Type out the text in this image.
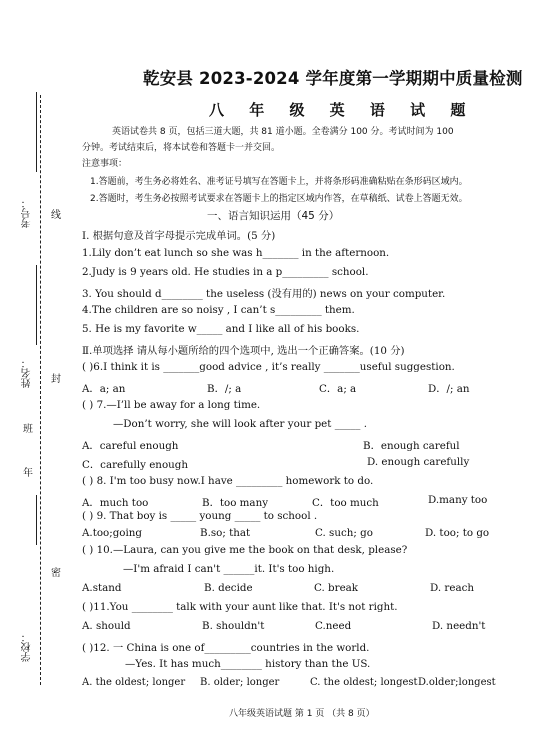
考号： 线
姓名： 封
班
年
密
学校：
乾安县 2023-2024 学年度第一学期期中质量检测
八 年 级 英 语 试 题
英语试卷共 8 页，包括三道大题，共 81 道小题。全卷满分 100 分。考试时间为 100
分钟。考试结束后，将本试卷和答题卡一并交回。
注意事项：
1.答题前，考生务必将姓名、准考证号填写在答题卡上，并将条形码准确粘贴在条形码区域内。
2.答题时，考生务必按照考试要求在答题卡上的指定区域内作答，在草稿纸、试卷上答题无效。
一、语言知识运用（45 分）
Ⅰ. 根据句意及首字母提示完成单词。(5 分)
1.Lily don’t eat lunch so she was h_______ in the afternoon.
2.Judy is 9 years old. He studies in a p_________ school.
3. You should d________ the useless (没有用的) news on your computer.
4.The children are so noisy , I can’t s_________ them.
5. He is my favorite w_____ and I like all of his books.
Ⅱ.单项选择 请从每小题所给的四个选项中, 选出一个正确答案。(10 分)
( )6.I think it is _______good advice , it’s really _______useful suggestion.
A．a; an	B．/; a	C．a; a	D．/; an
( ) 7.—I’ll be away for a long time.
—Don’t worry, she will look after your pet _____ .
A．careful enough	B．enough careful
C．carefully enough	D. enough carefully
( ) 8. I'm too busy now.I have _________ homework to do.
A．much too	B．too many	C．too much	D.many too
( ) 9. That boy is _____ young _____ to school .
A.too;going	B.so; that	C. such; go	D. too; to go
( ) 10.—Laura, can you give me the book on that desk, please?
—I'm afraid I can't ______it. It's too high.
A.stand	B. decide	C. break	D. reach
( )11.You ________ talk with your aunt like that. It's not right.
A. should	B. shouldn't	C.need	D. needn't
( )12. 一 China is one of_________countries in the world.
—Yes. It has much________ history than the US.
A. the oldest; longer B. older; longer	C. the oldest; longest D.older;longest
八年级英语试题 第 1 页 （共 8 页）
